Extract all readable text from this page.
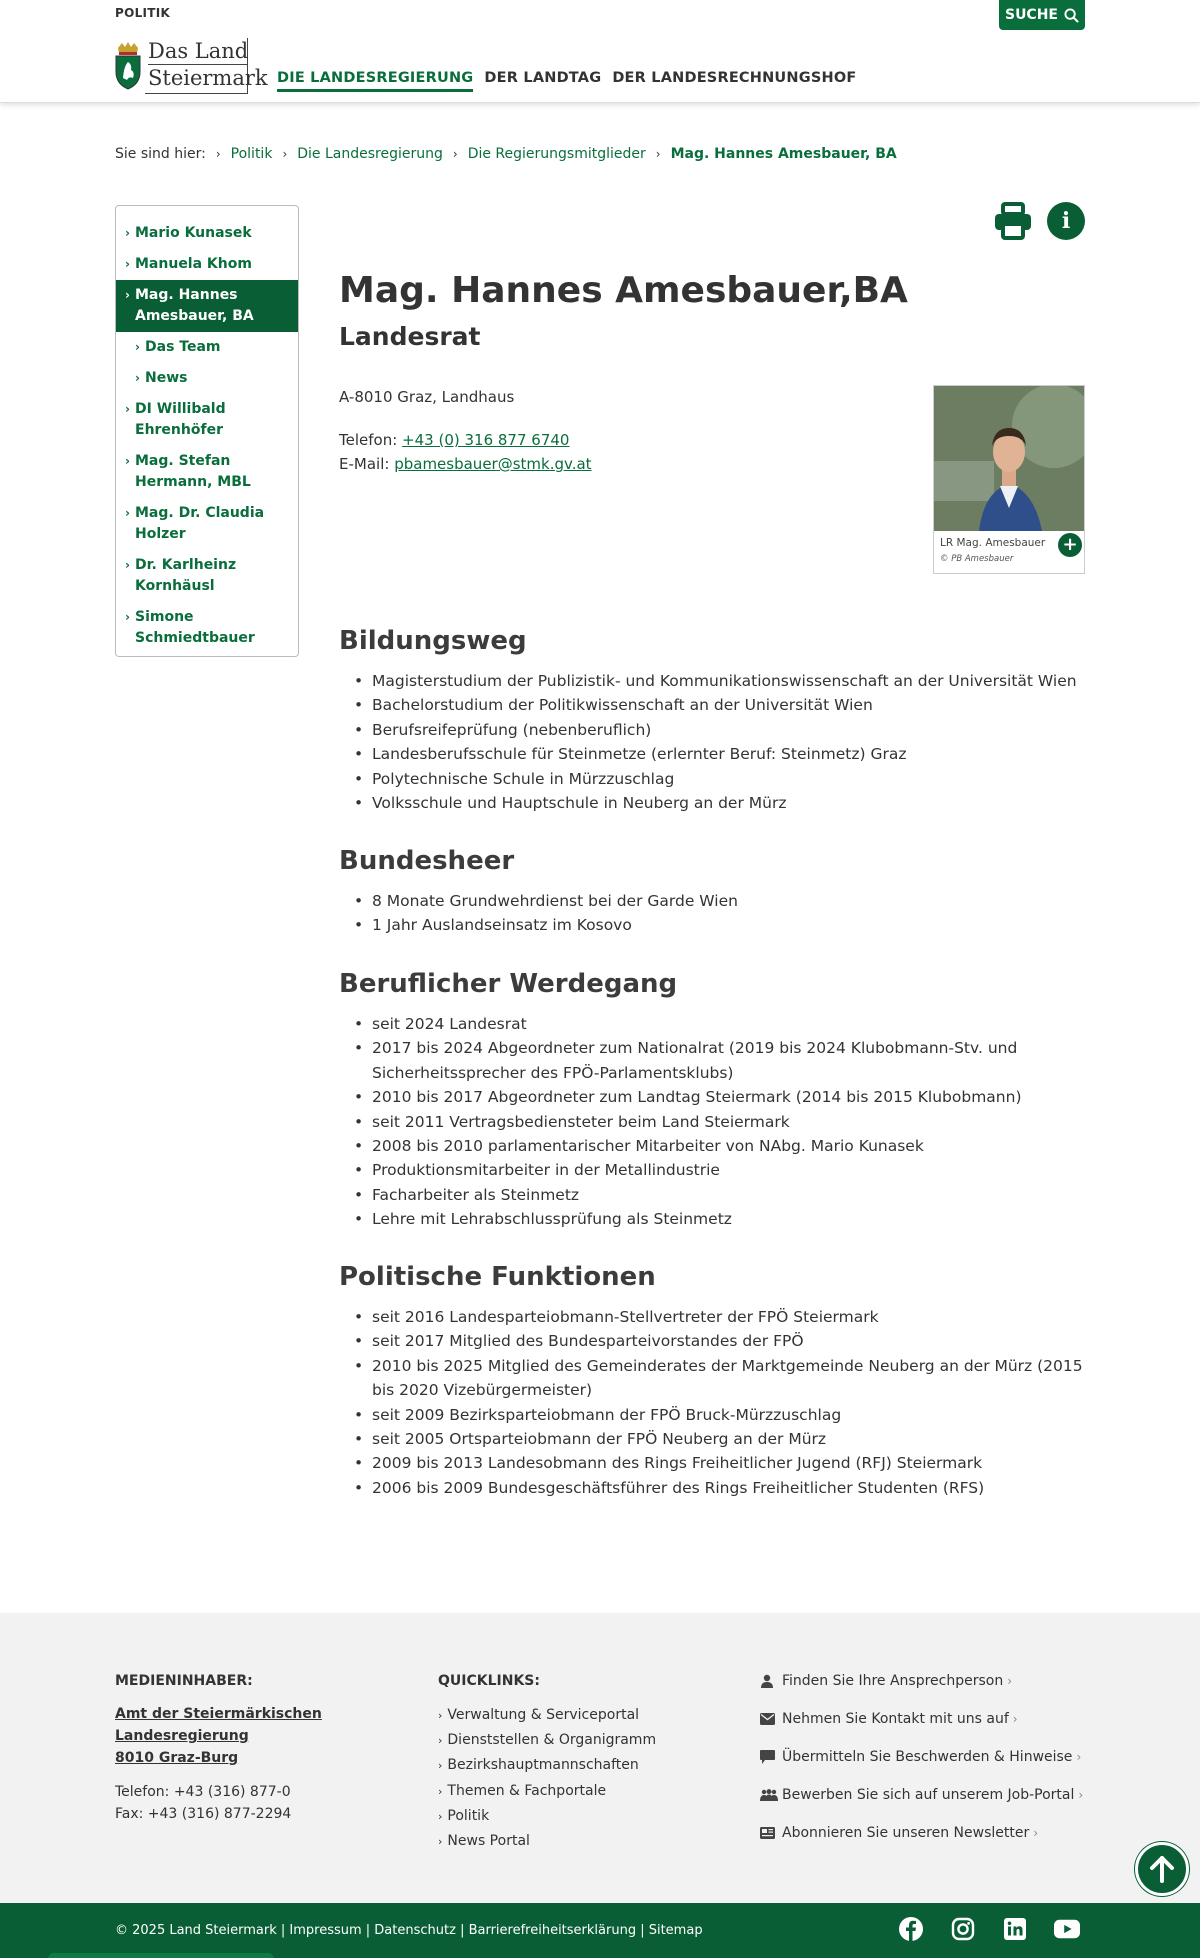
POLITIK	SUCHE
Das Land
Steiermark DIE LANDESREGIERUNG DER LANDTAG DER LANDESRECHNUNGSHOF
Sie sind hier: › Politik › Die Landesregierung › Die Regierungsmitglieder › Mag. Hannes Amesbauer, BA
› Mario Kunasek
› Manuela Khom
› Mag. Hannes Amesbauer, BA
› Das Team
› News
› DI Willibald Ehrenhöfer
› Mag. Stefan Hermann, MBL
› Mag. Dr. Claudia Holzer
› Dr. Karlheinz Kornhäusl
› Simone Schmiedtbauer
i
Mag. Hannes Amesbauer,BA
Landesrat
A-8010 Graz, Landhaus
Telefon: +43 (0) 316 877 6740
E-Mail: pbamesbauer@stmk.gv.at
LR Mag. Amesbauer
© PB Amesbauer
+
Bildungsweg
• Magisterstudium der Publizistik- und Kommunikationswissenschaft an der Universität Wien
• Bachelorstudium der Politikwissenschaft an der Universität Wien
• Berufsreifeprüfung (nebenberuflich)
• Landesberufsschule für Steinmetze (erlernter Beruf: Steinmetz) Graz
• Polytechnische Schule in Mürzzuschlag
• Volksschule und Hauptschule in Neuberg an der Mürz
Bundesheer
• 8 Monate Grundwehrdienst bei der Garde Wien
• 1 Jahr Auslandseinsatz im Kosovo
Beruflicher Werdegang
• seit 2024 Landesrat
• 2017 bis 2024 Abgeordneter zum Nationalrat (2019 bis 2024 Klubobmann-Stv. und Sicherheitssprecher des FPÖ-Parlamentsklubs)
• 2010 bis 2017 Abgeordneter zum Landtag Steiermark (2014 bis 2015 Klubobmann)
• seit 2011 Vertragsbediensteter beim Land Steiermark
• 2008 bis 2010 parlamentarischer Mitarbeiter von NAbg. Mario Kunasek
• Produktionsmitarbeiter in der Metallindustrie
• Facharbeiter als Steinmetz
• Lehre mit Lehrabschlussprüfung als Steinmetz
Politische Funktionen
• seit 2016 Landesparteiobmann-Stellvertreter der FPÖ Steiermark
• seit 2017 Mitglied des Bundesparteivorstandes der FPÖ
• 2010 bis 2025 Mitglied des Gemeinderates der Marktgemeinde Neuberg an der Mürz (2015 bis 2020 Vizebürgermeister)
• seit 2009 Bezirksparteiobmann der FPÖ Bruck-Mürzzuschlag
• seit 2005 Ortsparteiobmann der FPÖ Neuberg an der Mürz
• 2009 bis 2013 Landesobmann des Rings Freiheitlicher Jugend (RFJ) Steiermark
• 2006 bis 2009 Bundesgeschäftsführer des Rings Freiheitlicher Studenten (RFS)
MEDIENINHABER:
Amt der Steiermärkischen
Landesregierung
8010 Graz-Burg
Telefon: +43 (316) 877-0
Fax: +43 (316) 877-2294
QUICKLINKS:
› Verwaltung & Serviceportal
› Dienststellen & Organigramm
› Bezirkshauptmannschaften
› Themen & Fachportale
› Politik
› News Portal
Finden Sie Ihre Ansprechperson ›
Nehmen Sie Kontakt mit uns auf ›
Übermitteln Sie Beschwerden & Hinweise ›
Bewerben Sie sich auf unserem Job-Portal ›
Abonnieren Sie unseren Newsletter ›
© 2025 Land Steiermark | Impressum | Datenschutz | Barrierefreiheitserklärung | Sitemap
